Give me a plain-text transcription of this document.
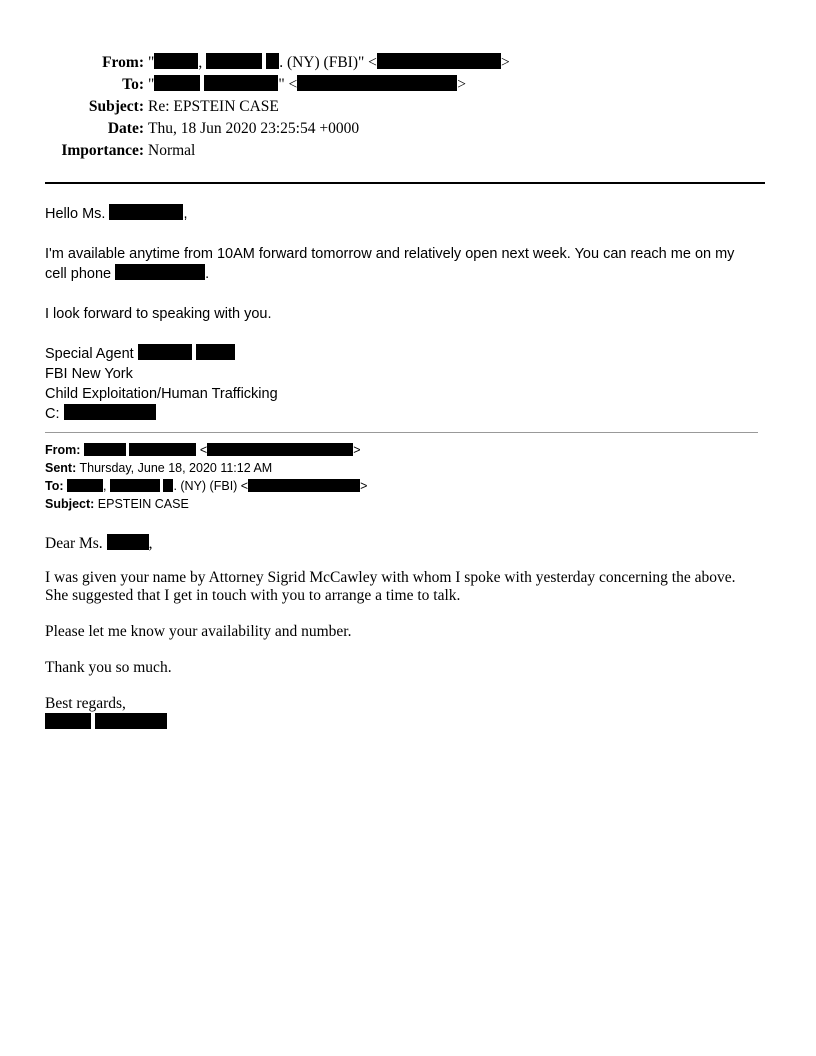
From: "	,	. (NY) (FBI)" <	>
To: "	" <	>
Subject: Re: EPSTEIN CASE
Date: Thu, 18 Jun 2020 23:25:54 +0000
Importance: Normal

Hello Ms.	,

I'm available anytime from 10AM forward tomorrow and relatively open next week. You can reach me on my

cell phone	.

I look forward to speaking with you.

Special Agent

FBI New York

Child Exploitation/Human Trafficking

C:

From:	<	>
Sent: Thursday, June 18, 2020 11:12 AM
To:	,	. (NY) (FBI) <	>
Subject: EPSTEIN CASE

Dear Ms.	,

I was given your name by Attorney Sigrid McCawley with whom I spoke with yesterday concerning the above.

She suggested that I get in touch with you to arrange a time to talk.

Please let me know your availability and number.

Thank you so much.

Best regards,
